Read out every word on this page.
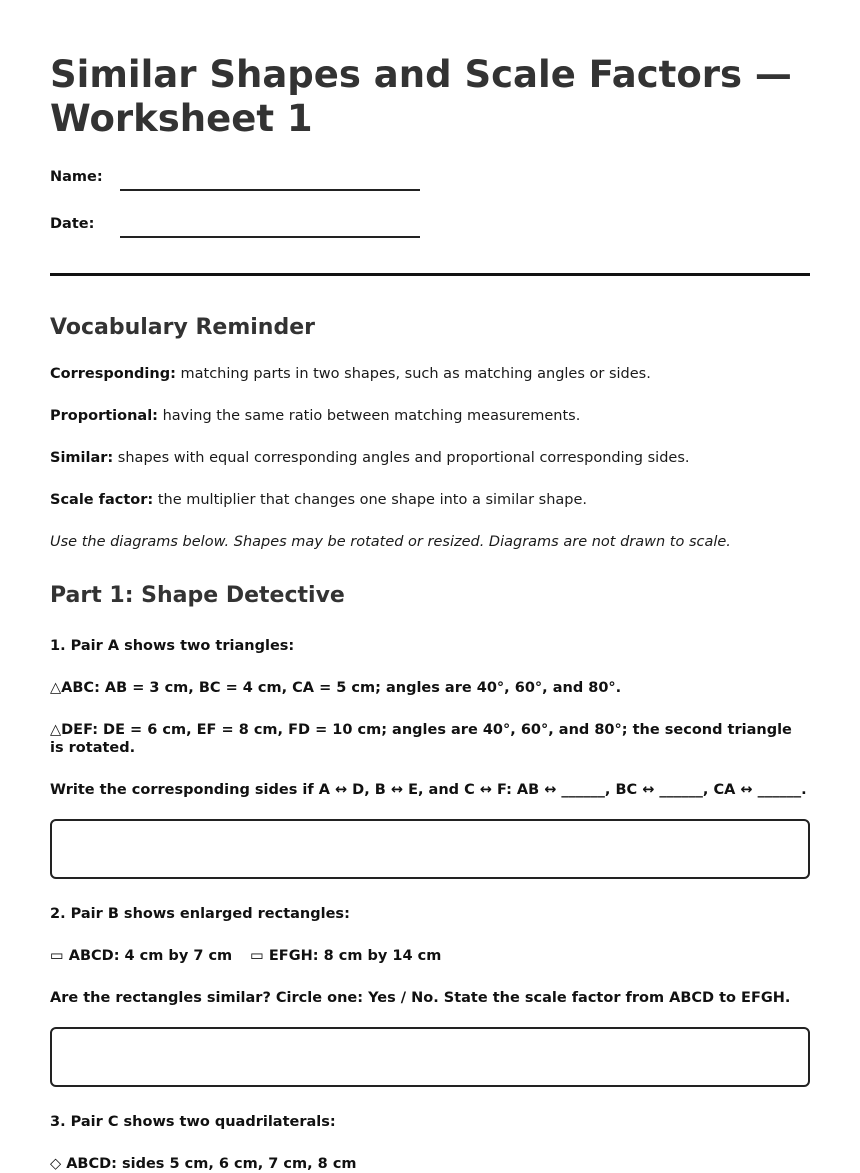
Similar Shapes and Scale Factors — Worksheet 1
Name:
Date:
Vocabulary Reminder

Corresponding: matching parts in two shapes, such as matching angles or sides.

Proportional: having the same ratio between matching measurements.

Similar: shapes with equal corresponding angles and proportional corresponding sides.

Scale factor: the multiplier that changes one shape into a similar shape.

Use the diagrams below. Shapes may be rotated or resized. Diagrams are not drawn to scale.

Part 1: Shape Detective

1. Pair A shows two triangles:

△ABC: AB = 3 cm, BC = 4 cm, CA = 5 cm; angles are 40°, 60°, and 80°.

△DEF: DE = 6 cm, EF = 8 cm, FD = 10 cm; angles are 40°, 60°, and 80°; the second triangle is rotated.

Write the corresponding sides if A ↔ D, B ↔ E, and C ↔ F: AB ↔ ______, BC ↔ ______, CA ↔ ______.

2. Pair B shows enlarged rectangles:

▭ ABCD: 4 cm by 7 cm ▭ EFGH: 8 cm by 14 cm

Are the rectangles similar? Circle one: Yes / No. State the scale factor from ABCD to EFGH.

3. Pair C shows two quadrilaterals:

◇ ABCD: sides 5 cm, 6 cm, 7 cm, 8 cm
